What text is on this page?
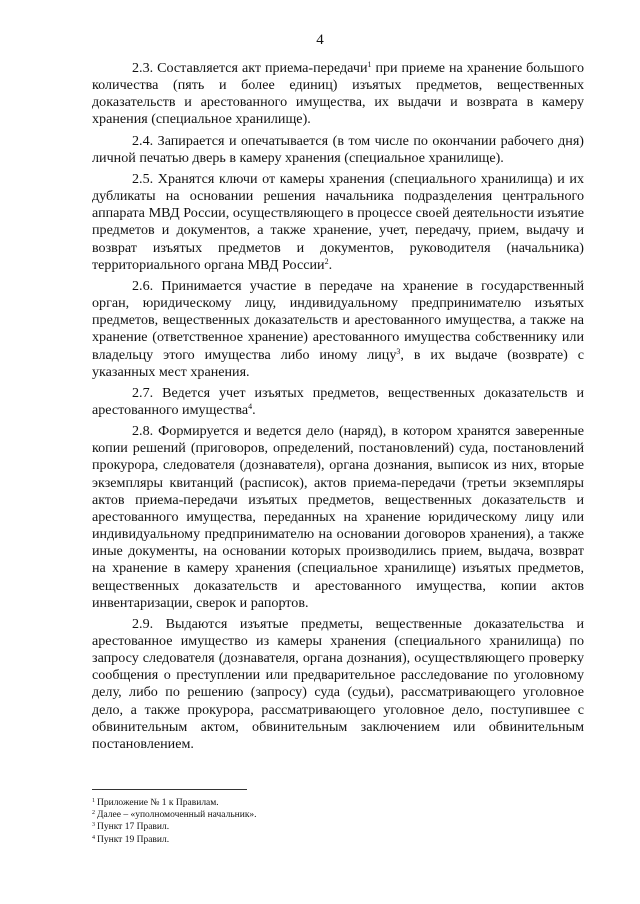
4

2.3. Составляется акт приема-передачи$^1$ при приеме на хранение большого количества (пять и более единиц) изъятых предметов, вещественных доказательств и арестованного имущества, их выдачи и возврата в камеру хранения (специальное хранилище).

2.4. Запирается и опечатывается (в том числе по окончании рабочего дня) личной печатью дверь в камеру хранения (специальное хранилище).

2.5. Хранятся ключи от камеры хранения (специального хранилища) и их дубликаты на основании решения начальника подразделения центрального аппарата МВД России, осуществляющего в процессе своей деятельности изъятие предметов и документов, а также хранение, учет, передачу, прием, выдачу и возврат изъятых предметов и документов, руководителя (начальника) территориального органа МВД России$^2$.

2.6. Принимается участие в передаче на хранение в государственный орган, юридическому лицу, индивидуальному предпринимателю изъятых предметов, вещественных доказательств и арестованного имущества, а также на хранение (ответственное хранение) арестованного имущества собственнику или владельцу этого имущества либо иному лицу$^3$, в их выдаче (возврате) с указанных мест хранения.

2.7. Ведется учет изъятых предметов, вещественных доказательств и арестованного имущества$^4$.

2.8. Формируется и ведется дело (наряд), в котором хранятся заверенные копии решений (приговоров, определений, постановлений) суда, постановлений прокурора, следователя (дознавателя), органа дознания, выписок из них, вторые экземпляры квитанций (расписок), актов приема-передачи (третьи экземпляры актов приема-передачи изъятых предметов, вещественных доказательств и арестованного имущества, переданных на хранение юридическому лицу или индивидуальному предпринимателю на основании договоров хранения), а также иные документы, на основании которых производились прием, выдача, возврат на хранение в камеру хранения (специальное хранилище) изъятых предметов, вещественных доказательств и арестованного имущества, копии актов инвентаризации, сверок и рапортов.

2.9. Выдаются изъятые предметы, вещественные доказательства и арестованное имущество из камеры хранения (специального хранилища) по запросу следователя (дознавателя, органа дознания), осуществляющего проверку сообщения о преступлении или предварительное расследование по уголовному делу, либо по решению (запросу) суда (судьи), рассматривающего уголовное дело, а также прокурора, рассматривающего уголовное дело, поступившее с обвинительным актом, обвинительным заключением или обвинительным постановлением.

$^1$ Приложение № 1 к Правилам.

$^2$ Далее – «уполномоченный начальник».

$^3$ Пункт 17 Правил.

$^4$ Пункт 19 Правил.
